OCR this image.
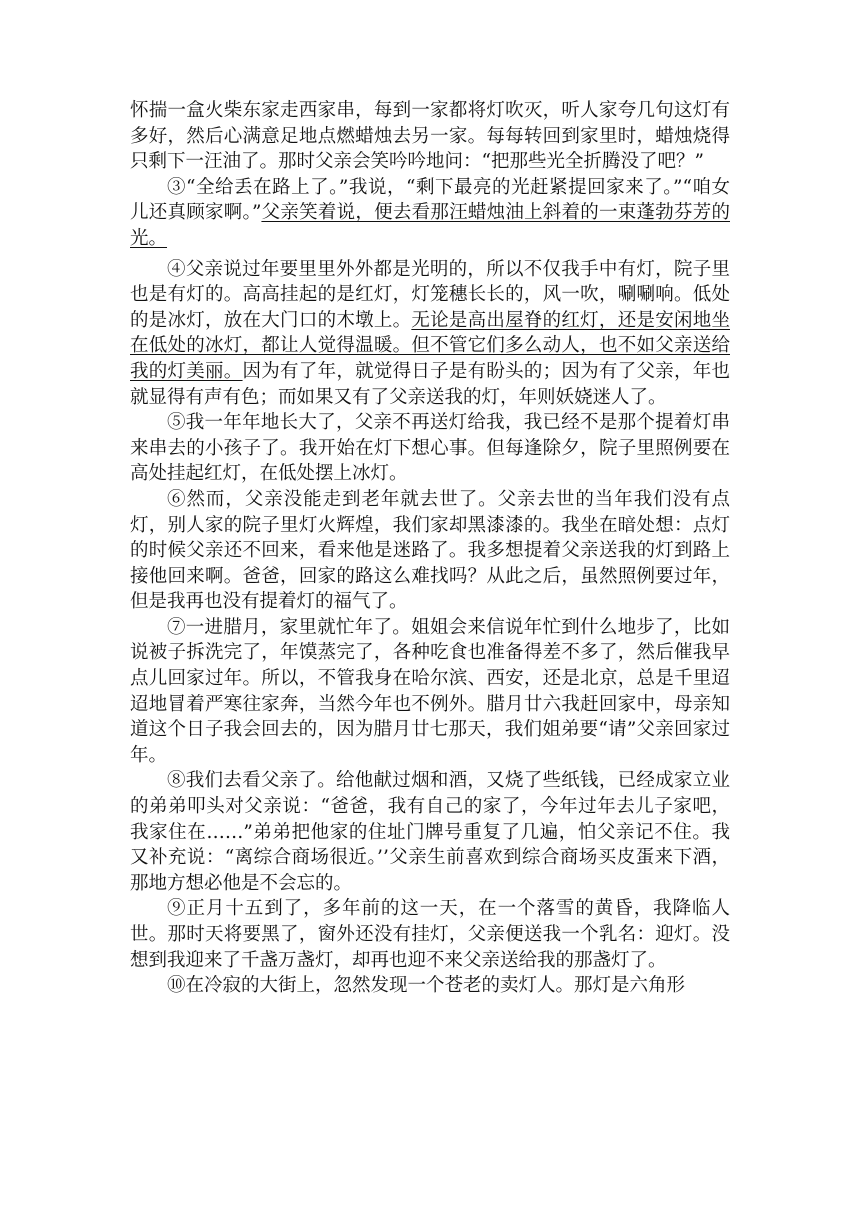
怀揣一盒火柴东家走西家串，每到一家都将灯吹灭，听人家夸几句这灯有多好，然后心满意足地点燃蜡烛去另一家。每每转回到家里时，蜡烛烧得只剩下一汪油了。那时父亲会笑吟吟地问：“把那些光全折腾没了吧？”

③“全给丢在路上了。”我说，“剩下最亮的光赶紧提回家来了。”“咱女儿还真顾家啊。”父亲笑着说，便去看那汪蜡烛油上斜着的一束蓬勃芬芳的光。

④父亲说过年要里里外外都是光明的，所以不仅我手中有灯，院子里也是有灯的。高高挂起的是红灯，灯笼穗长长的，风一吹，唰唰响。低处的是冰灯，放在大门口的木墩上。无论是高出屋脊的红灯，还是安闲地坐在低处的冰灯，都让人觉得温暖。但不管它们多么动人，也不如父亲送给我的灯美丽。因为有了年，就觉得日子是有盼头的；因为有了父亲，年也就显得有声有色；而如果又有了父亲送我的灯，年则妖娆迷人了。

⑤我一年年地长大了，父亲不再送灯给我，我已经不是那个提着灯串来串去的小孩子了。我开始在灯下想心事。但每逢除夕，院子里照例要在高处挂起红灯，在低处摆上冰灯。

⑥然而，父亲没能走到老年就去世了。父亲去世的当年我们没有点灯，别人家的院子里灯火辉煌，我们家却黑漆漆的。我坐在暗处想：点灯的时候父亲还不回来，看来他是迷路了。我多想提着父亲送我的灯到路上接他回来啊。爸爸，回家的路这么难找吗？从此之后，虽然照例要过年，但是我再也没有提着灯的福气了。

⑦一进腊月，家里就忙年了。姐姐会来信说年忙到什么地步了，比如说被子拆洗完了，年馍蒸完了，各种吃食也准备得差不多了，然后催我早点儿回家过年。所以，不管我身在哈尔滨、西安，还是北京，总是千里迢迢地冒着严寒往家奔，当然今年也不例外。腊月廿六我赶回家中，母亲知道这个日子我会回去的，因为腊月廿七那天，我们姐弟要“请”父亲回家过年。

⑧我们去看父亲了。给他献过烟和酒，又烧了些纸钱，已经成家立业的弟弟叩头对父亲说：“爸爸，我有自己的家了，今年过年去儿子家吧，我家住在……”弟弟把他家的住址门牌号重复了几遍，怕父亲记不住。我又补充说：“离综合商场很近。’’父亲生前喜欢到综合商场买皮蛋来下酒，那地方想必他是不会忘的。

⑨正月十五到了，多年前的这一天，在一个落雪的黄昏，我降临人世。那时天将要黑了，窗外还没有挂灯，父亲便送我一个乳名：迎灯。没想到我迎来了千盏万盏灯，却再也迎不来父亲送给我的那盏灯了。

⑩在冷寂的大街上，忽然发现一个苍老的卖灯人。那灯是六角形
